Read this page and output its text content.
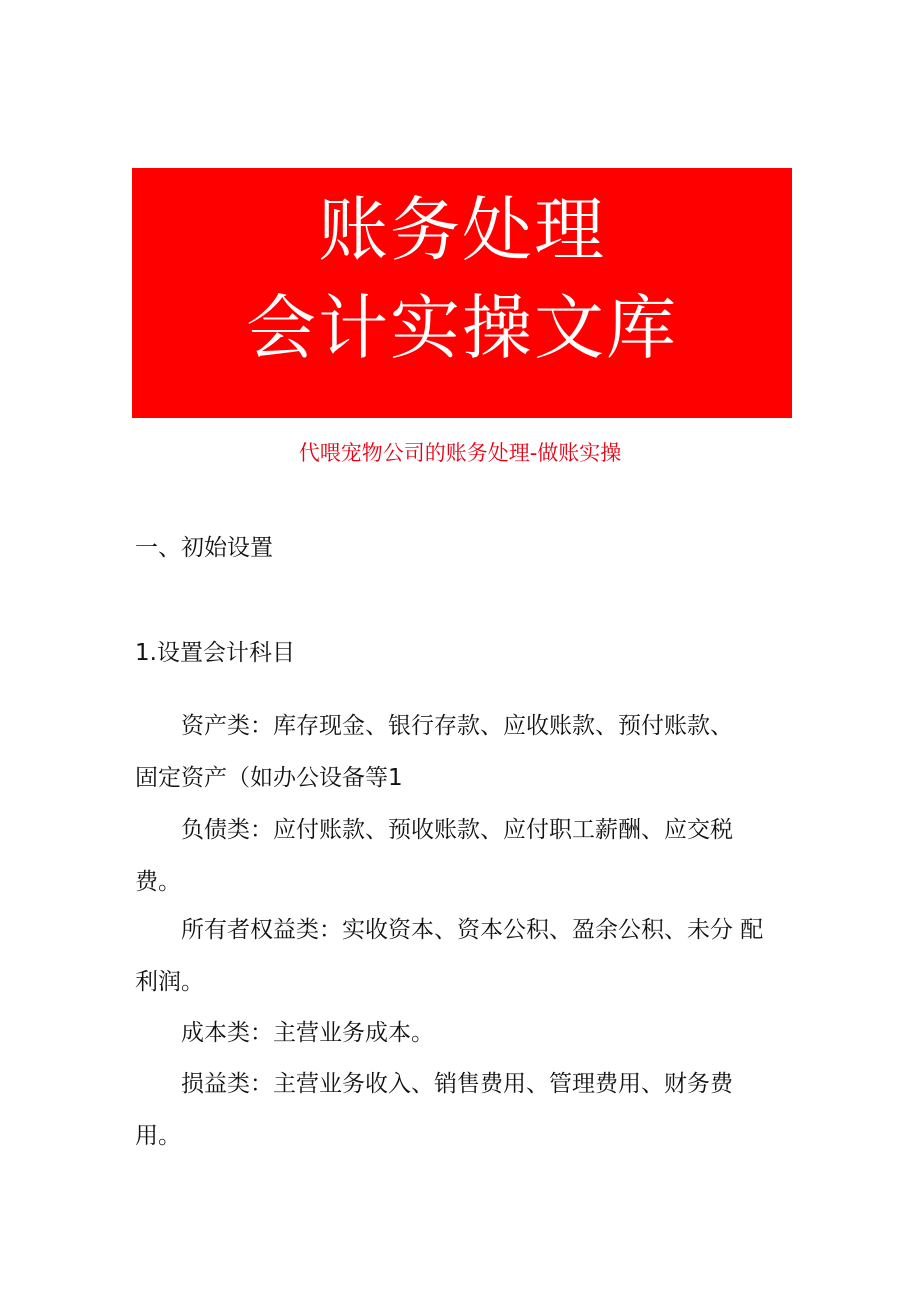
账务处理
会计实操文库
代喂宠物公司的账务处理-做账实操
一、初始设置
1.设置会计科目
资产类：库存现金、银行存款、应收账款、预付账款、
固定资产（如办公设备等1
负债类：应付账款、预收账款、应付职工薪酬、应交税
费。
所有者权益类：实收资本、资本公积、盈余公积、未分 配
利润。
成本类：主营业务成本。
损益类：主营业务收入、销售费用、管理费用、财务费
用。
